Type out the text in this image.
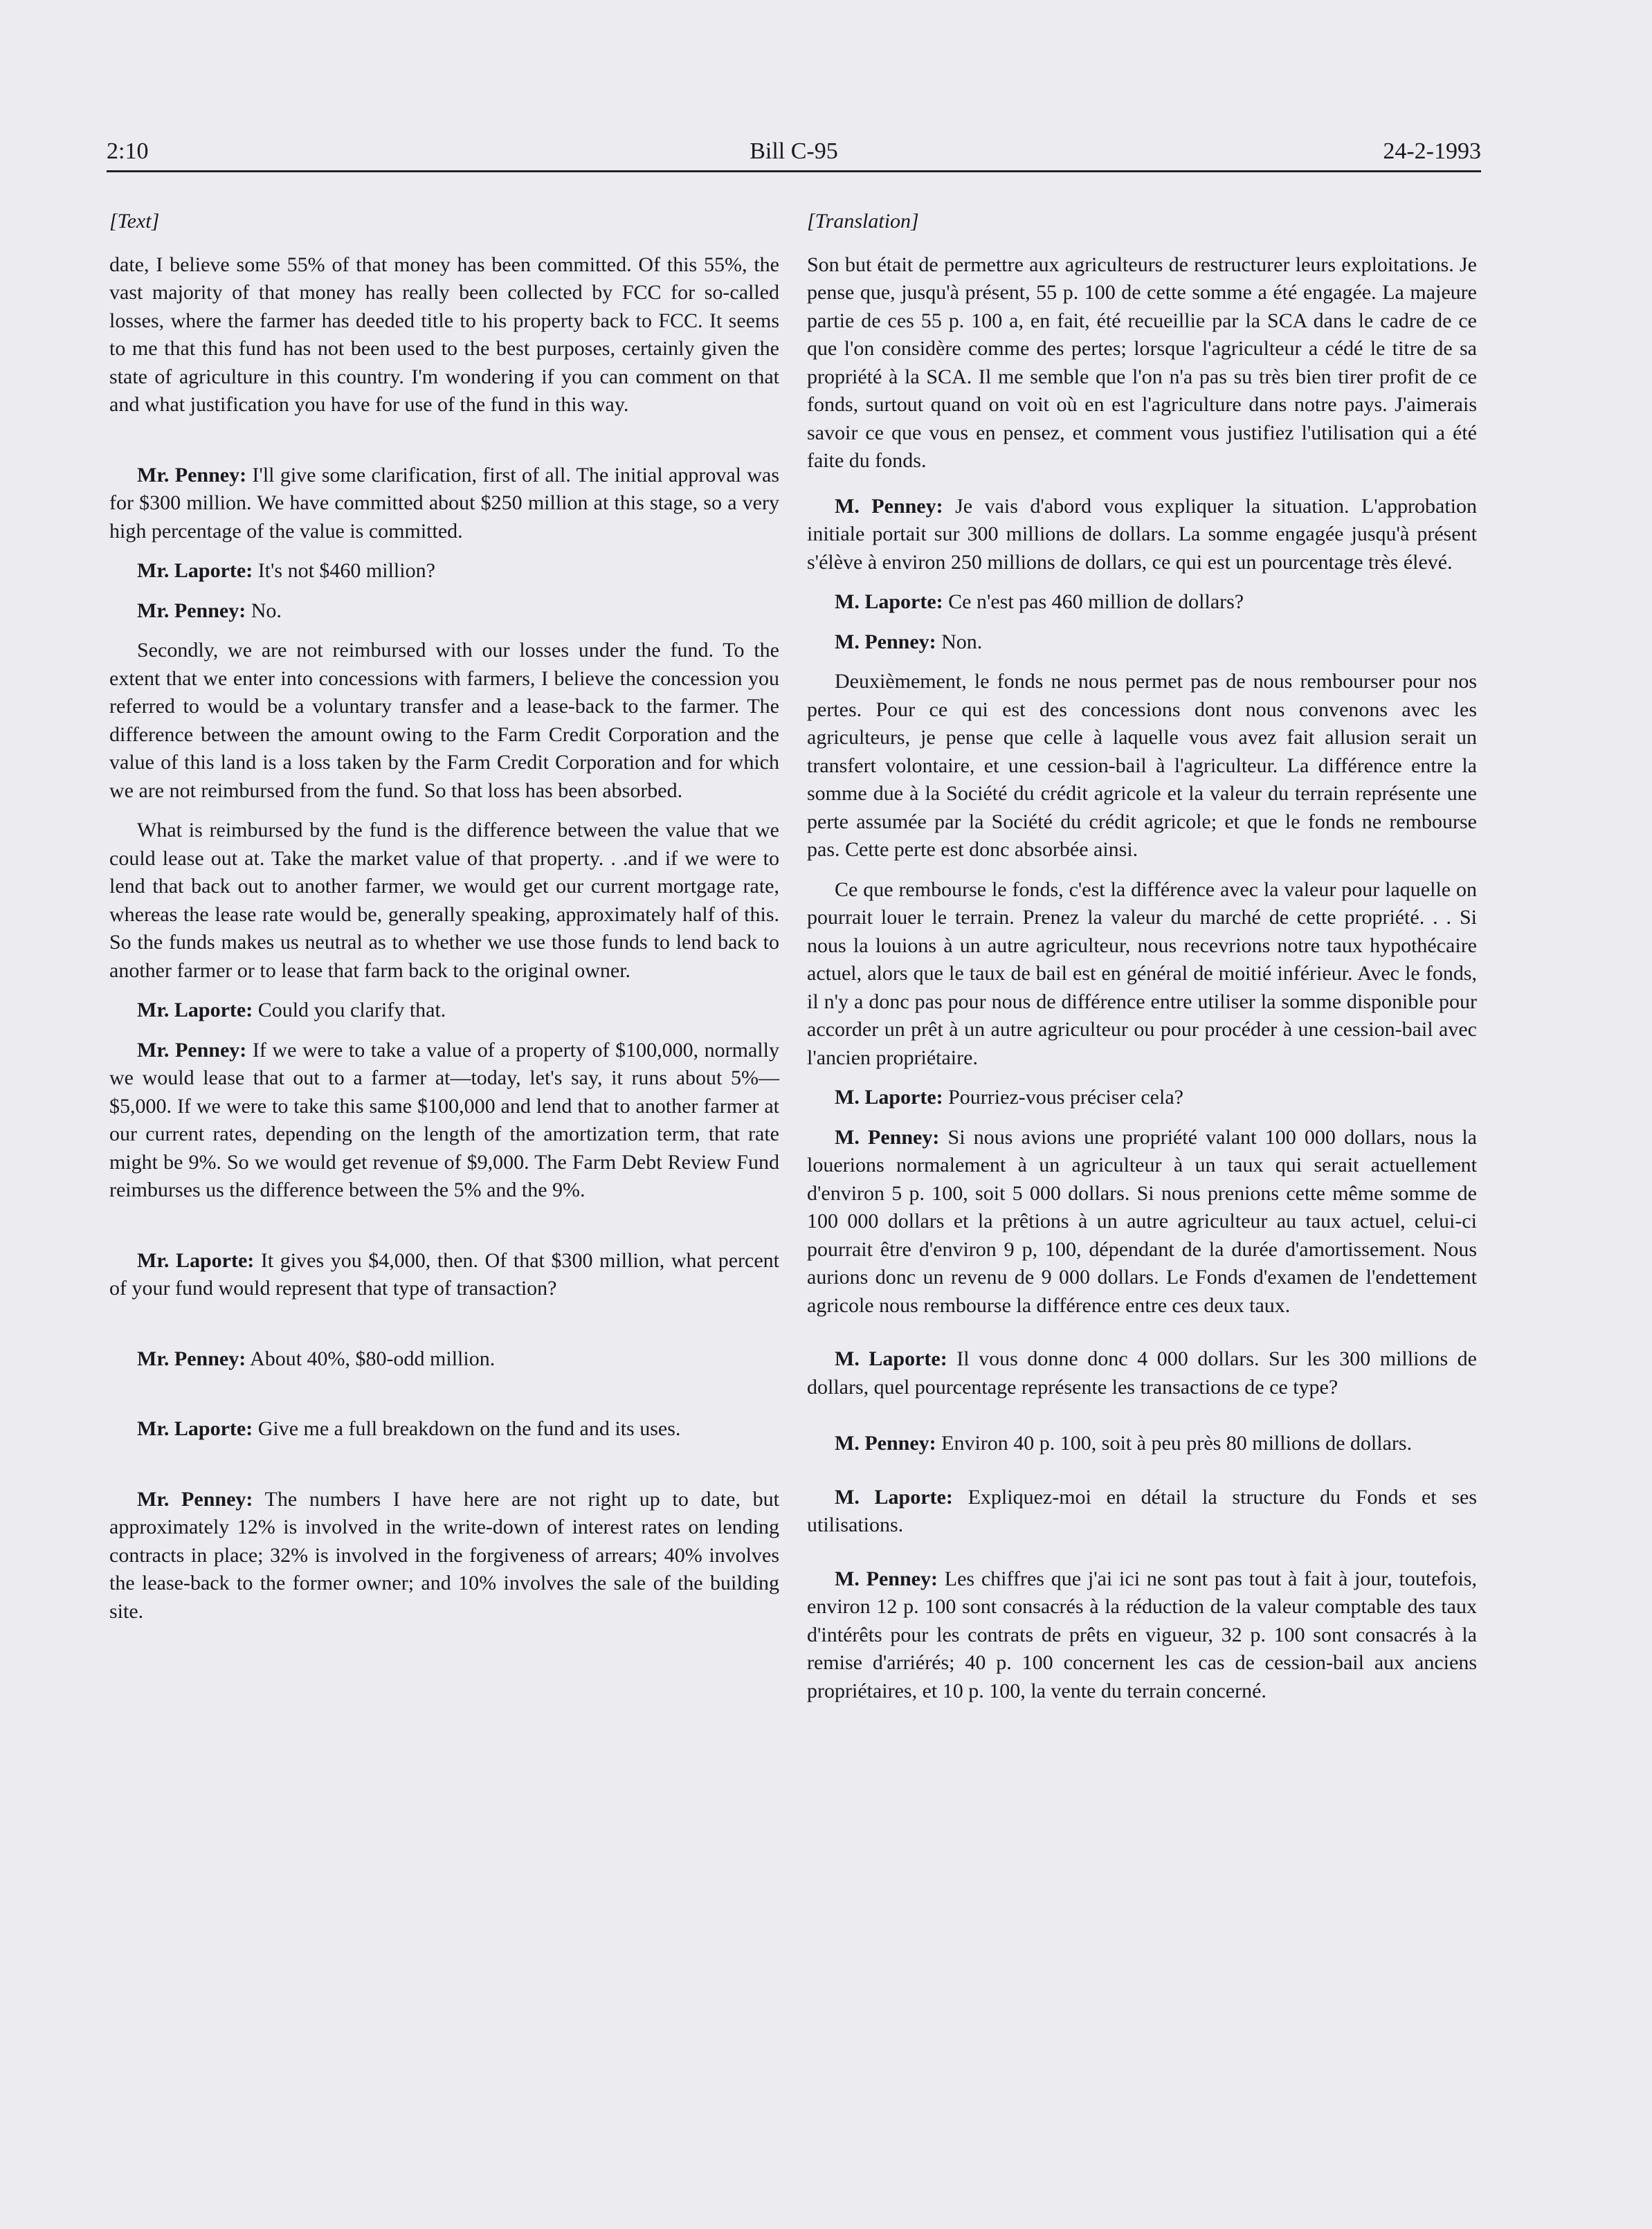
2:10	Bill C-95	24-2-1993

[Text]

date, I believe some 55% of that money has been committed. Of this 55%, the vast majority of that money has really been collected by FCC for so-called losses, where the farmer has deeded title to his property back to FCC. It seems to me that this fund has not been used to the best purposes, certainly given the state of agriculture in this country. I'm wondering if you can comment on that and what justification you have for use of the fund in this way.

Mr. Penney: I'll give some clarification, first of all. The initial approval was for $300 million. We have committed about $250 million at this stage, so a very high percentage of the value is committed.

Mr. Laporte: It's not $460 million?

Mr. Penney: No.

Secondly, we are not reimbursed with our losses under the fund. To the extent that we enter into concessions with farmers, I believe the concession you referred to would be a voluntary transfer and a lease-back to the farmer. The difference between the amount owing to the Farm Credit Corporation and the value of this land is a loss taken by the Farm Credit Corporation and for which we are not reimbursed from the fund. So that loss has been absorbed.

What is reimbursed by the fund is the difference between the value that we could lease out at. Take the market value of that property. . .and if we were to lend that back out to another farmer, we would get our current mortgage rate, whereas the lease rate would be, generally speaking, approximately half of this. So the funds makes us neutral as to whether we use those funds to lend back to another farmer or to lease that farm back to the original owner.

Mr. Laporte: Could you clarify that.

Mr. Penney: If we were to take a value of a property of $100,000, normally we would lease that out to a farmer at—today, let's say, it runs about 5%—$5,000. If we were to take this same $100,000 and lend that to another farmer at our current rates, depending on the length of the amortization term, that rate might be 9%. So we would get revenue of $9,000. The Farm Debt Review Fund reimburses us the difference between the 5% and the 9%.

Mr. Laporte: It gives you $4,000, then. Of that $300 million, what percent of your fund would represent that type of transaction?

Mr. Penney: About 40%, $80-odd million.

Mr. Laporte: Give me a full breakdown on the fund and its uses.

Mr. Penney: The numbers I have here are not right up to date, but approximately 12% is involved in the write-down of interest rates on lending contracts in place; 32% is involved in the forgiveness of arrears; 40% involves the lease-back to the former owner; and 10% involves the sale of the building site.

[Translation]

Son but était de permettre aux agriculteurs de restructurer leurs exploitations. Je pense que, jusqu'à présent, 55 p. 100 de cette somme a été engagée. La majeure partie de ces 55 p. 100 a, en fait, été recueillie par la SCA dans le cadre de ce que l'on considère comme des pertes; lorsque l'agriculteur a cédé le titre de sa propriété à la SCA. Il me semble que l'on n'a pas su très bien tirer profit de ce fonds, surtout quand on voit où en est l'agriculture dans notre pays. J'aimerais savoir ce que vous en pensez, et comment vous justifiez l'utilisation qui a été faite du fonds.

M. Penney: Je vais d'abord vous expliquer la situation. L'approbation initiale portait sur 300 millions de dollars. La somme engagée jusqu'à présent s'élève à environ 250 millions de dollars, ce qui est un pourcentage très élevé.

M. Laporte: Ce n'est pas 460 million de dollars?

M. Penney: Non.

Deuxièmement, le fonds ne nous permet pas de nous rembourser pour nos pertes. Pour ce qui est des concessions dont nous convenons avec les agriculteurs, je pense que celle à laquelle vous avez fait allusion serait un transfert volontaire, et une cession-bail à l'agriculteur. La différence entre la somme due à la Société du crédit agricole et la valeur du terrain représente une perte assumée par la Société du crédit agricole; et que le fonds ne rembourse pas. Cette perte est donc absorbée ainsi.

Ce que rembourse le fonds, c'est la différence avec la valeur pour laquelle on pourrait louer le terrain. Prenez la valeur du marché de cette propriété. . . Si nous la louions à un autre agriculteur, nous recevrions notre taux hypothécaire actuel, alors que le taux de bail est en général de moitié inférieur. Avec le fonds, il n'y a donc pas pour nous de différence entre utiliser la somme disponible pour accorder un prêt à un autre agriculteur ou pour procéder à une cession-bail avec l'ancien propriétaire.

M. Laporte: Pourriez-vous préciser cela?

M. Penney: Si nous avions une propriété valant 100 000 dollars, nous la louerions normalement à un agriculteur à un taux qui serait actuellement d'environ 5 p. 100, soit 5 000 dollars. Si nous prenions cette même somme de 100 000 dollars et la prêtions à un autre agriculteur au taux actuel, celui-ci pourrait être d'environ 9 p, 100, dépendant de la durée d'amortissement. Nous aurions donc un revenu de 9 000 dollars. Le Fonds d'examen de l'endettement agricole nous rembourse la différence entre ces deux taux.

M. Laporte: Il vous donne donc 4 000 dollars. Sur les 300 millions de dollars, quel pourcentage représente les transactions de ce type?

M. Penney: Environ 40 p. 100, soit à peu près 80 millions de dollars.

M. Laporte: Expliquez-moi en détail la structure du Fonds et ses utilisations.

M. Penney: Les chiffres que j'ai ici ne sont pas tout à fait à jour, toutefois, environ 12 p. 100 sont consacrés à la réduction de la valeur comptable des taux d'intérêts pour les contrats de prêts en vigueur, 32 p. 100 sont consacrés à la remise d'arriérés; 40 p. 100 concernent les cas de cession-bail aux anciens propriétaires, et 10 p. 100, la vente du terrain concerné.
